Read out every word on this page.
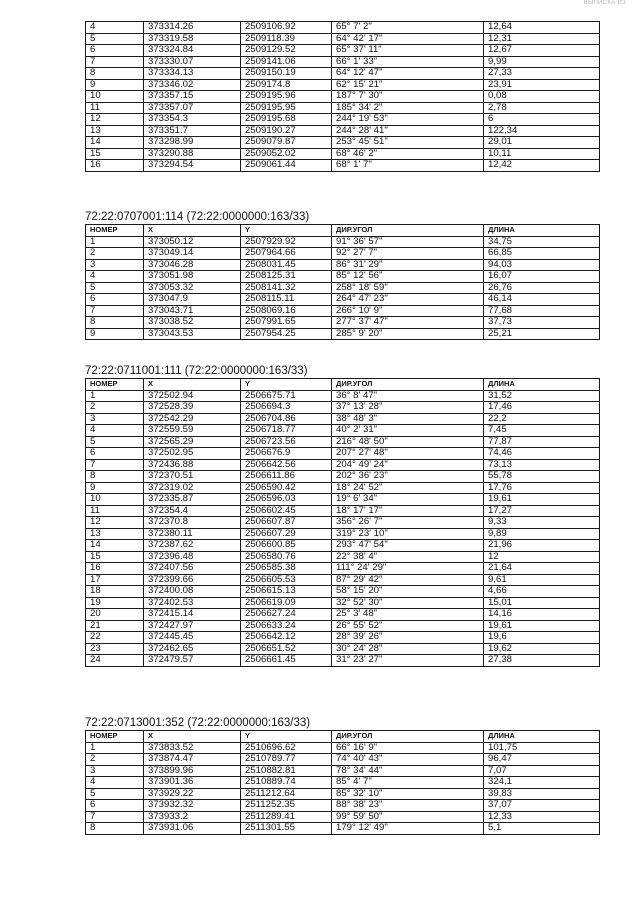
ВЫПИСКА ИЗ
4	373314.26	2509106.92	65° 7' 2"	12,64
5	373319.58	2509118.39	64° 42' 17"	12,31
6	373324.84	2509129.52	65° 37' 11"	12,67
7	373330.07	2509141.06	66° 1' 33"	9,99
8	373334.13	2509150.19	64° 12' 47"	27,33
9	373346.02	2509174.8	62° 15' 21"	23,91
10	373357.15	2509195.96	187° 7' 30"	0,08
11	373357.07	2509195.95	185° 34' 2"	2,78
12	373354.3	2509195.68	244° 19' 53"	6
13	373351.7	2509190.27	244° 28' 41"	122,34
14	373298.99	2509079.87	253° 45' 51"	29,01
15	373290.88	2509052.02	68° 46' 2"	10,11
16	373294.54	2509061.44	68° 1' 7"	12,42
72:22:0707001:114 (72:22:0000000:163/33)
НОМЕР	X	Y	ДИР.УГОЛ	ДЛИНА
1	373050.12	2507929.92	91° 36' 57"	34,75
2	373049.14	2507964.66	92° 27' 7"	66,85
3	373046.28	2508031.45	86° 31' 29"	94,03
4	373051.98	2508125.31	85° 12' 56"	16,07
5	373053.32	2508141.32	258° 18' 59"	26,76
6	373047.9	2508115.11	264° 47' 23"	46,14
7	373043.71	2508069.16	266° 10' 9"	77,68
8	373038.52	2507991.65	277° 37' 47"	37,73
9	373043.53	2507954.25	285° 9' 20"	25,21
72:22:0711001:111 (72:22:0000000:163/33)
НОМЕР	X	Y	ДИР.УГОЛ	ДЛИНА
1	372502.94	2506675.71	36° 8' 47"	31,52
2	372528.39	2506694.3	37° 13' 28"	17,46
3	372542.29	2506704.86	38° 48' 3"	22,2
4	372559.59	2506718.77	40° 2' 31"	7,45
5	372565.29	2506723.56	216° 48' 50"	77,87
6	372502.95	2506676.9	207° 27' 48"	74,46
7	372436.88	2506642.56	204° 49' 24"	73,13
8	372370.51	2506611.86	202° 36' 23"	55,78
9	372319.02	2506590.42	18° 24' 52"	17,76
10	372335.87	2506596.03	19° 6' 34"	19,61
11	372354.4	2506602.45	18° 17' 17"	17,27
12	372370.8	2506607.87	356° 26' 7"	9,33
13	372380.11	2506607.29	319° 23' 10"	9,89
14	372387.62	2506600.85	293° 47' 54"	21,96
15	372396.48	2506580.76	22° 38' 4"	12
16	372407.56	2506585.38	111° 24' 29"	21,64
17	372399.66	2506605.53	87° 29' 42"	9,61
18	372400.08	2506615.13	58° 15' 20"	4,66
19	372402.53	2506619.09	32° 52' 30"	15,01
20	372415.14	2506627.24	25° 3' 48"	14,16
21	372427.97	2506633.24	26° 55' 52"	19,61
22	372445.45	2506642.12	28° 39' 26"	19,6
23	372462.65	2506651.52	30° 24' 28"	19,62
24	372479.57	2506661.45	31° 23' 27"	27,38
72:22:0713001:352 (72:22:0000000:163/33)
НОМЕР	X	Y	ДИР.УГОЛ	ДЛИНА
1	373833.52	2510696.62	66° 16' 9"	101,75
2	373874.47	2510789.77	74° 40' 43"	96,47
3	373899.96	2510882.81	78° 34' 44"	7,07
4	373901.36	2510889.74	85° 4' 7"	324,1
5	373929.22	2511212.64	85° 32' 10"	39,83
6	373932.32	2511252.35	88° 38' 23"	37,07
7	373933.2	2511289.41	99° 59' 50"	12,33
8	373931.06	2511301.55	179° 12' 49"	5,1
